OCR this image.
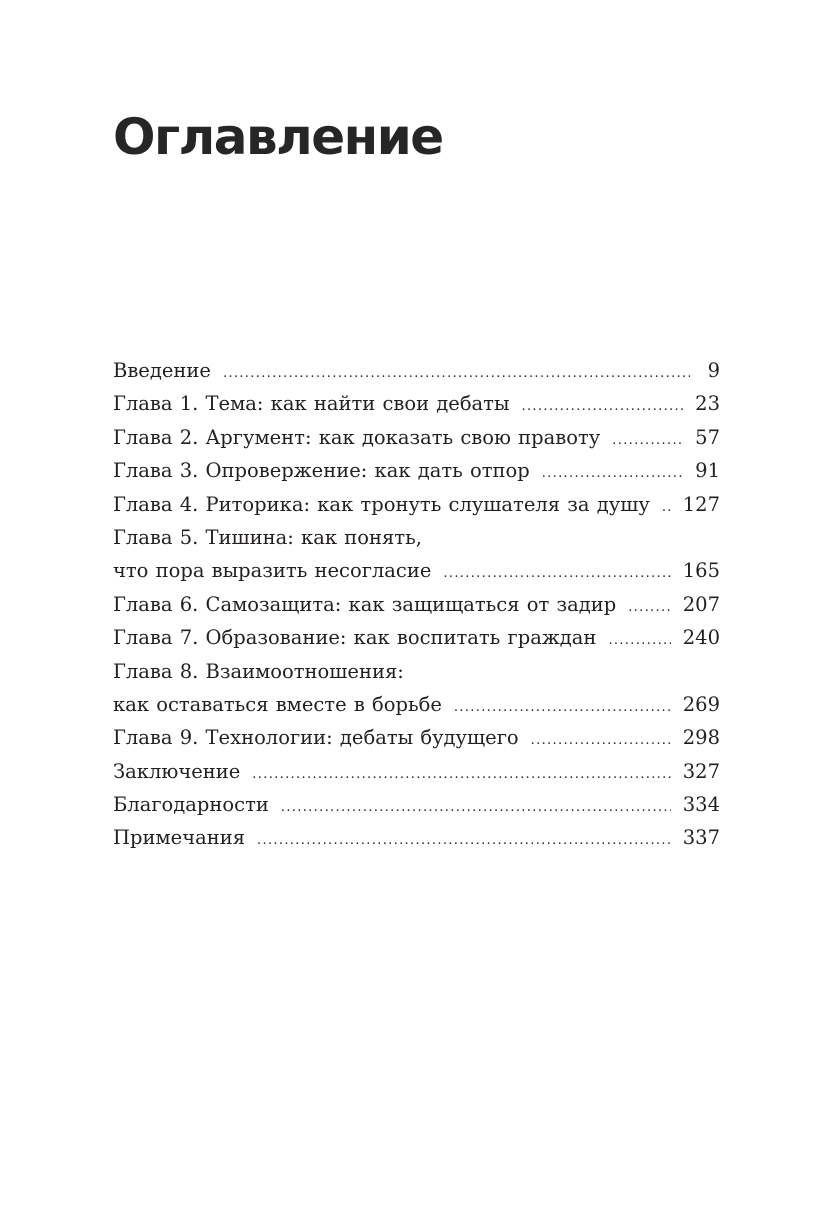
Оглавление
Введение . . .	9
Глава 1. Тема: как найти свои дебаты . . .	23
Глава 2. Аргумент: как доказать свою правоту . . .	57
Глава 3. Опровержение: как дать отпор . . .	91
Глава 4. Риторика: как тронуть слушателя за душу . . . 127
Глава 5. Тишина: как понять,
что пора выразить несогласие . . .	165
Глава 6. Самозащита: как защищаться от задир . . .	207
Глава 7. Образование: как воспитать граждан . . .	240
Глава 8. Взаимоотношения:
как оставаться вместе в борьбе . . .	269
Глава 9. Технологии: дебаты будущего . . .	298
Заключение . . .	327
Благодарности . . .	334
Примечания . . .	337
